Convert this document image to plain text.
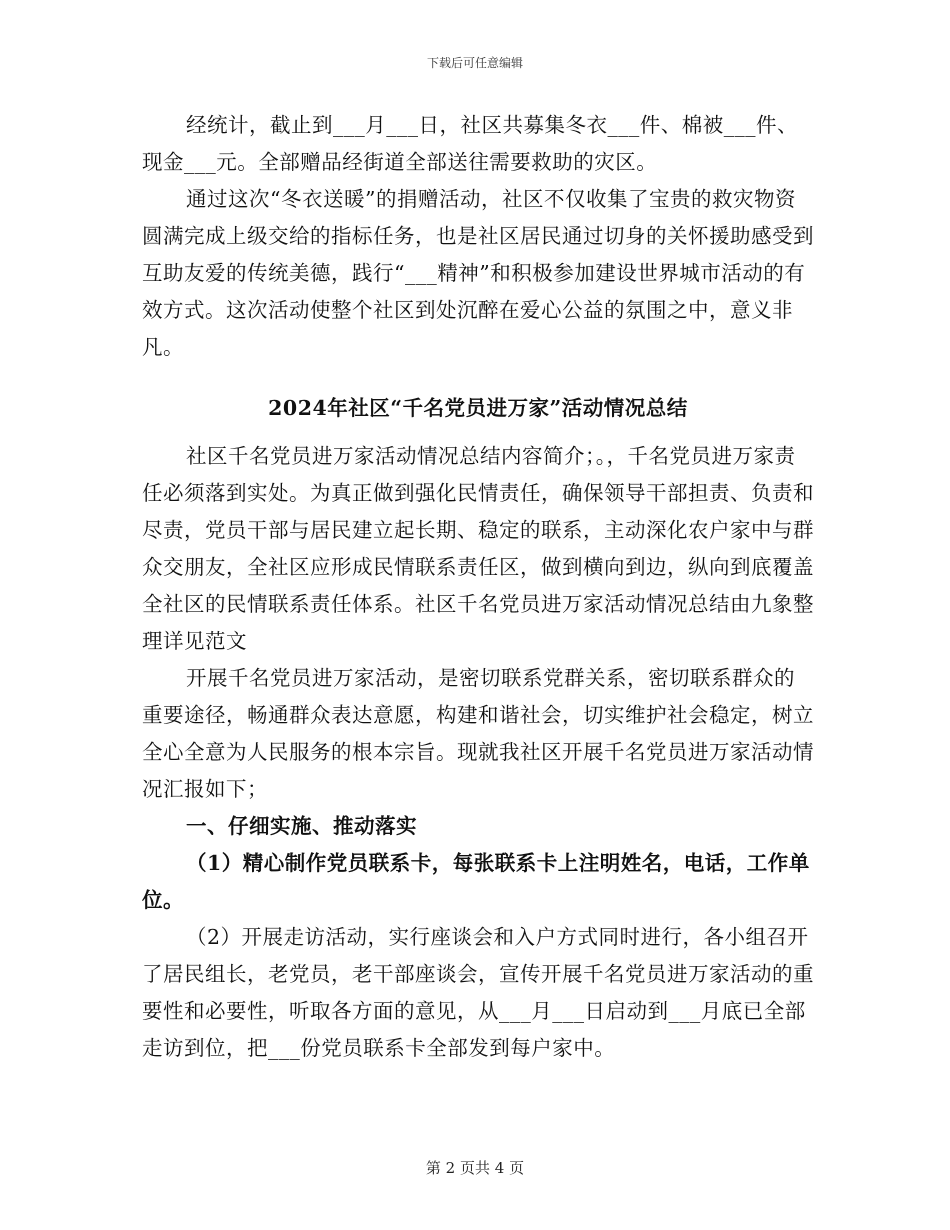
下载后可任意编辑

经统计，截止到___月___日，社区共募集冬衣___件、棉被___件、现金___元。全部赠品经街道全部送往需要救助的灾区。

通过这次“冬衣送暖”的捐赠活动，社区不仅收集了宝贵的救灾物资圆满完成上级交给的指标任务，也是社区居民通过切身的关怀援助感受到互助友爱的传统美德，践行“___精神”和积极参加建设世界城市活动的有效方式。这次活动使整个社区到处沉醉在爱心公益的氛围之中，意义非凡。

2024年社区“千名党员进万家”活动情况总结

社区千名党员进万家活动情况总结内容简介；。，千名党员进万家责任必须落到实处。为真正做到强化民情责任，确保领导干部担责、负责和尽责，党员干部与居民建立起长期、稳定的联系，主动深化农户家中与群众交朋友，全社区应形成民情联系责任区，做到横向到边，纵向到底覆盖全社区的民情联系责任体系。社区千名党员进万家活动情况总结由九象整理详见范文

开展千名党员进万家活动，是密切联系党群关系，密切联系群众的重要途径，畅通群众表达意愿，构建和谐社会，切实维护社会稳定，树立全心全意为人民服务的根本宗旨。现就我社区开展千名党员进万家活动情况汇报如下；

一、仔细实施、推动落实

（1）精心制作党员联系卡，每张联系卡上注明姓名，电话，工作单位。

（2）开展走访活动，实行座谈会和入户方式同时进行，各小组召开了居民组长，老党员，老干部座谈会，宣传开展千名党员进万家活动的重要性和必要性，听取各方面的意见，从___月___日启动到___月底已全部走访到位，把___份党员联系卡全部发到每户家中。

第 2 页共 4 页
